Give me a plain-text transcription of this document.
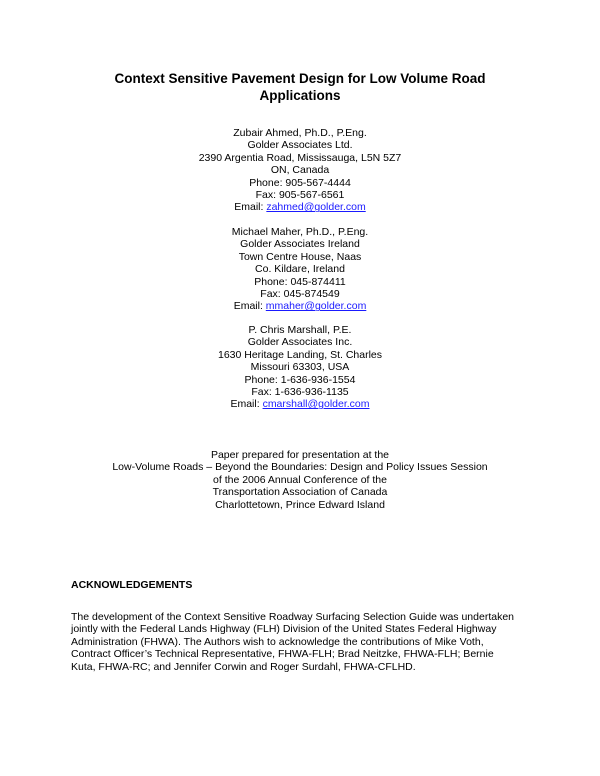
Context Sensitive Pavement Design for Low Volume Road
Applications
Zubair Ahmed, Ph.D., P.Eng.
Golder Associates Ltd.
2390 Argentia Road, Mississauga, L5N 5Z7
ON, Canada
Phone: 905-567-4444
Fax: 905-567-6561
Email: zahmed@golder.com
Michael Maher, Ph.D., P.Eng.
Golder Associates Ireland
Town Centre House, Naas
Co. Kildare, Ireland
Phone: 045-874411
Fax: 045-874549
Email: mmaher@golder.com
P. Chris Marshall, P.E.
Golder Associates Inc.
1630 Heritage Landing, St. Charles
Missouri 63303, USA
Phone: 1-636-936-1554
Fax: 1-636-936-1135
Email: cmarshall@golder.com
Paper prepared for presentation at the
Low-Volume Roads – Beyond the Boundaries: Design and Policy Issues Session
of the 2006 Annual Conference of the
Transportation Association of Canada
Charlottetown, Prince Edward Island
ACKNOWLEDGEMENTS
The development of the Context Sensitive Roadway Surfacing Selection Guide was undertaken
jointly with the Federal Lands Highway (FLH) Division of the United States Federal Highway
Administration (FHWA). The Authors wish to acknowledge the contributions of Mike Voth,
Contract Officer’s Technical Representative, FHWA-FLH; Brad Neitzke, FHWA-FLH; Bernie
Kuta, FHWA-RC; and Jennifer Corwin and Roger Surdahl, FHWA-CFLHD.
